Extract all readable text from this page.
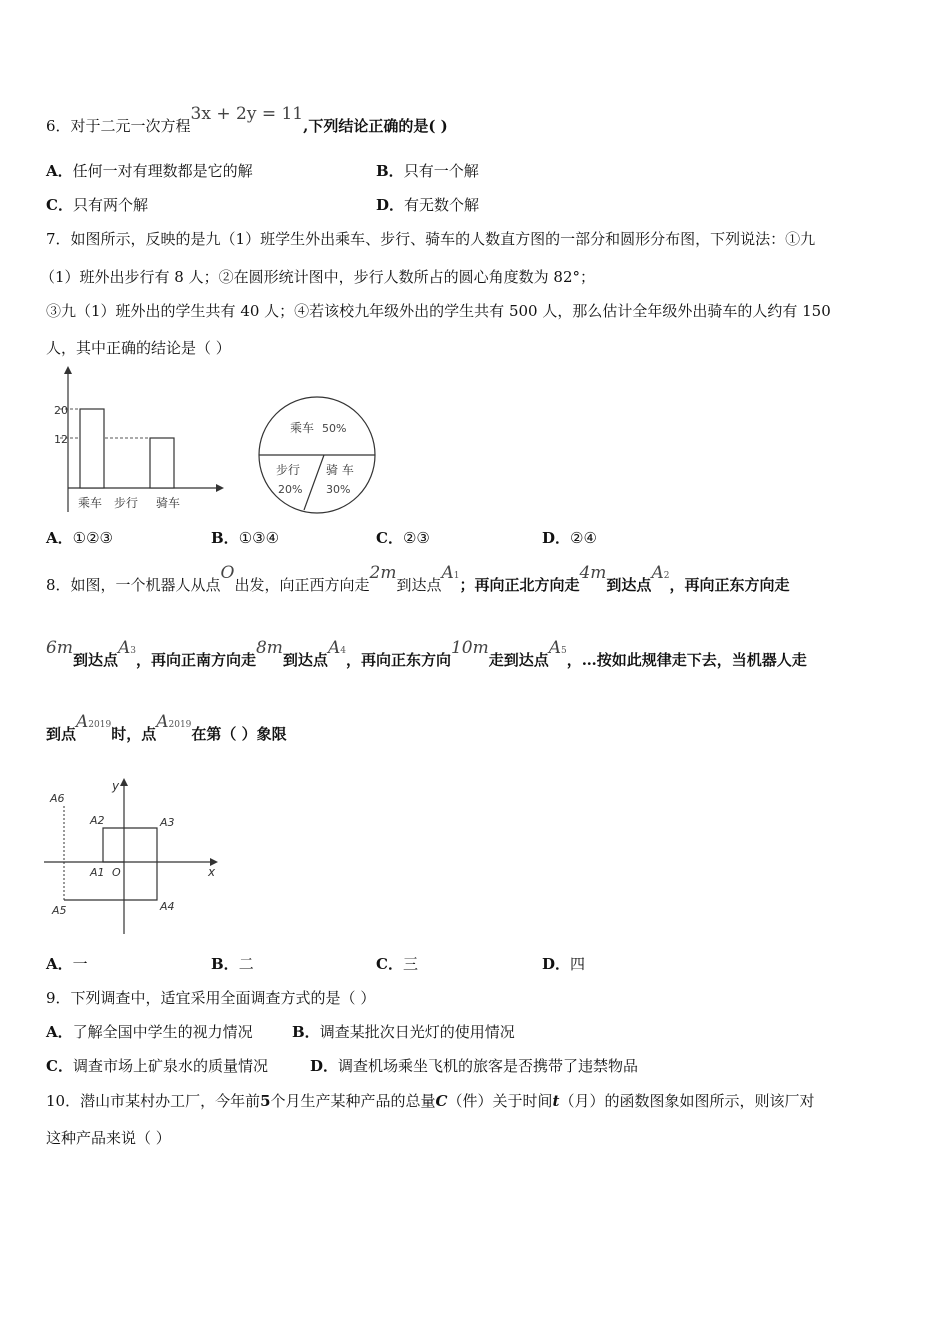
6．对于二元一次方程3x + 2y = 11,下列结论正确的是( )
A．任何一对有理数都是它的解	B．只有一个解
C．只有两个解	D．有无数个解
7．如图所示，反映的是九（1）班学生外出乘车、步行、骑车的人数直方图的一部分和圆形分布图，下列说法：①九
（1）班外出步行有 8 人；②在圆形统计图中，步行人数所占的圆心角度数为 82°；
③九（1）班外出的学生共有 40 人；④若该校九年级外出的学生共有 500 人，那么估计全年级外出骑车的人约有 150
人，其中正确的结论是（ ）
20
12
乘车 步行 骑车
乘车 50%
步行
20%
骑 车
30%
A．①②③	B．①③④	C．②③	D．②④
8．如图，一个机器人从点O出发，向正西方向走2m到达点A1；再向正北方向走4m到达点A2，再向正东方向走
6m到达点A3，再向正南方向走8m到达点A4，再向正东方向10m走到达点A5，…按如此规律走下去，当机器人走
到点A2019时，点A2019在第（ ）象限
y
x
A6
A2	A3
A1 O
A5	A4
A．一	B．二	C．三	D．四
9．下列调查中，适宜采用全面调查方式的是（ ）
A．了解全国中学生的视力情况	B．调查某批次日光灯的使用情况
C．调查市场上矿泉水的质量情况	D．调查机场乘坐飞机的旅客是否携带了违禁物品
10．潜山市某村办工厂，今年前5个月生产某种产品的总量C（件）关于时间t（月）的函数图象如图所示，则该厂对
这种产品来说（ ）
